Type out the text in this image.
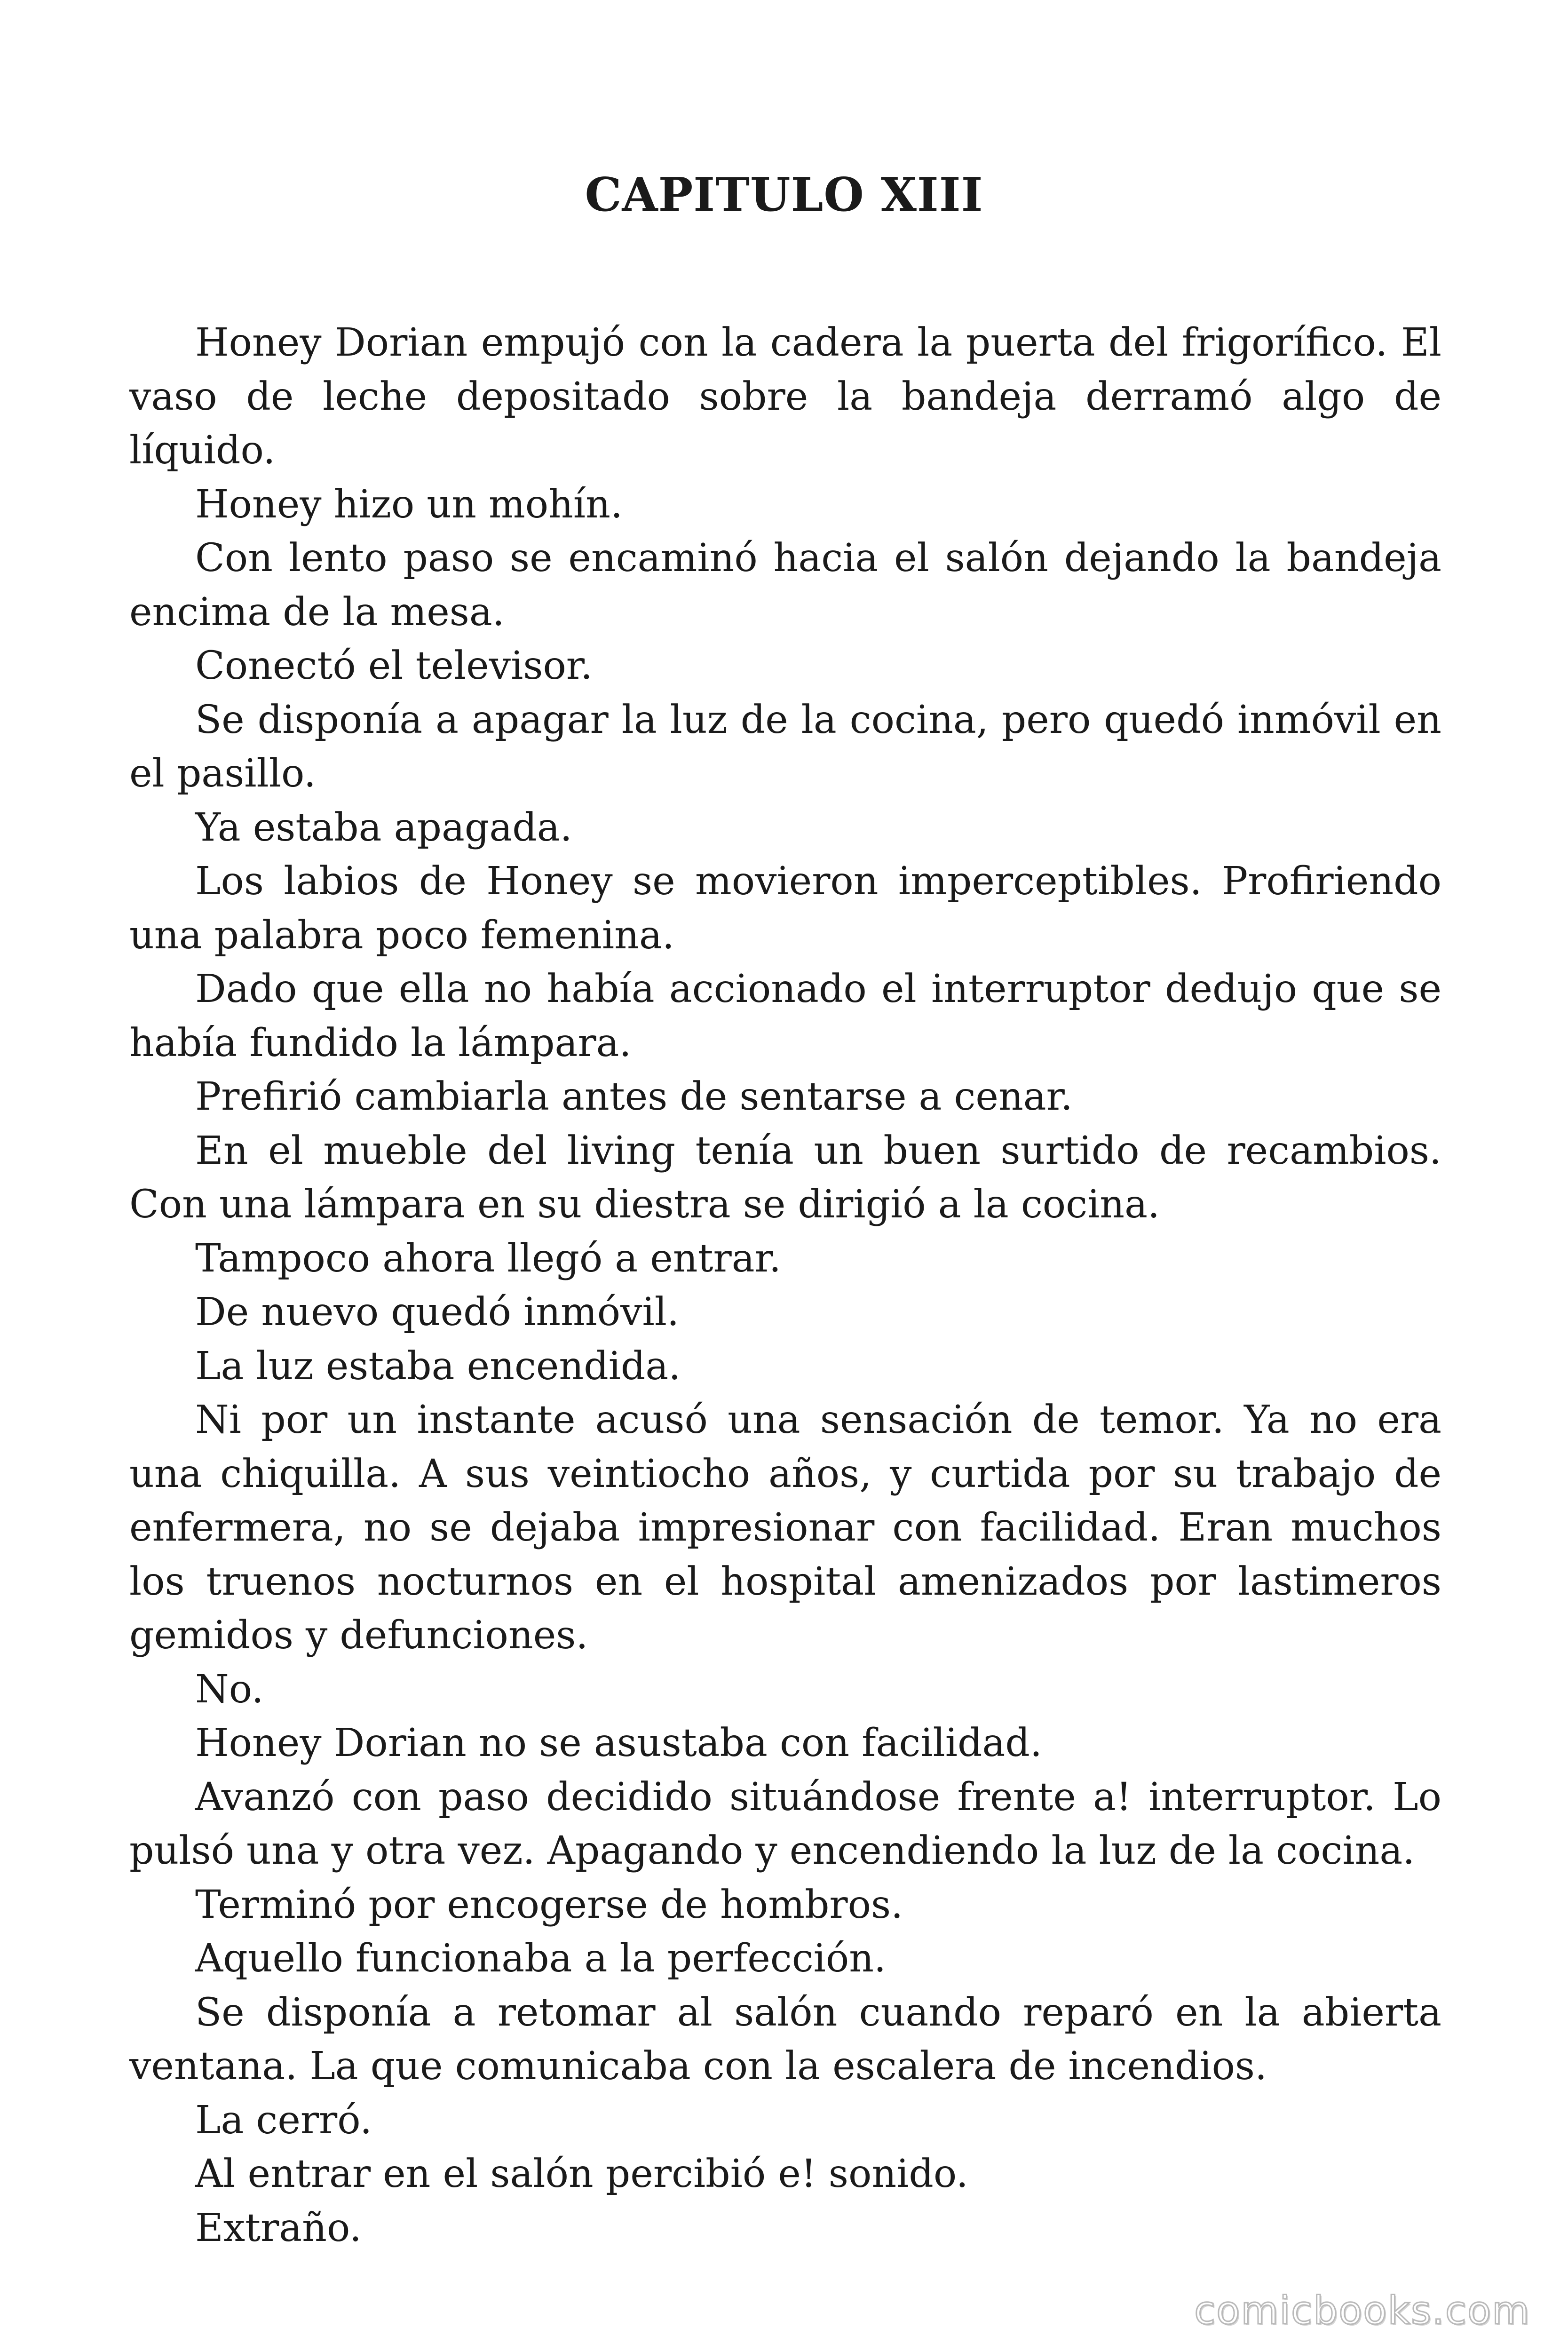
CAPITULO XIII

Honey Dorian empujó con la cadera la puerta del frigorífico. El vaso de leche depositado sobre la bandeja derramó algo de líquido.

Honey hizo un mohín.

Con lento paso se encaminó hacia el salón dejando la bandeja encima de la mesa.

Conectó el televisor.

Se disponía a apagar la luz de la cocina, pero quedó inmóvil en el pasillo.

Ya estaba apagada.

Los labios de Honey se movieron imperceptibles. Profiriendo una palabra poco femenina.

Dado que ella no había accionado el interruptor dedujo que se había fundido la lámpara.

Prefirió cambiarla antes de sentarse a cenar.

En el mueble del living tenía un buen surtido de recambios. Con una lámpara en su diestra se dirigió a la cocina.

Tampoco ahora llegó a entrar.

De nuevo quedó inmóvil.

La luz estaba encendida.

Ni por un instante acusó una sensación de temor. Ya no era una chiquilla. A sus veintiocho años, y curtida por su trabajo de enfermera, no se dejaba impresionar con facilidad. Eran muchos los truenos nocturnos en el hospital amenizados por lastimeros gemidos y defunciones.

No.

Honey Dorian no se asustaba con facilidad.

Avanzó con paso decidido situándose frente a! interruptor. Lo pulsó una y otra vez. Apagando y encendiendo la luz de la cocina.

Terminó por encogerse de hombros.

Aquello funcionaba a la perfección.

Se disponía a retomar al salón cuando reparó en la abierta ventana. La que comunicaba con la escalera de incendios.

La cerró.

Al entrar en el salón percibió e! sonido.

Extraño.

comicbooks.com
